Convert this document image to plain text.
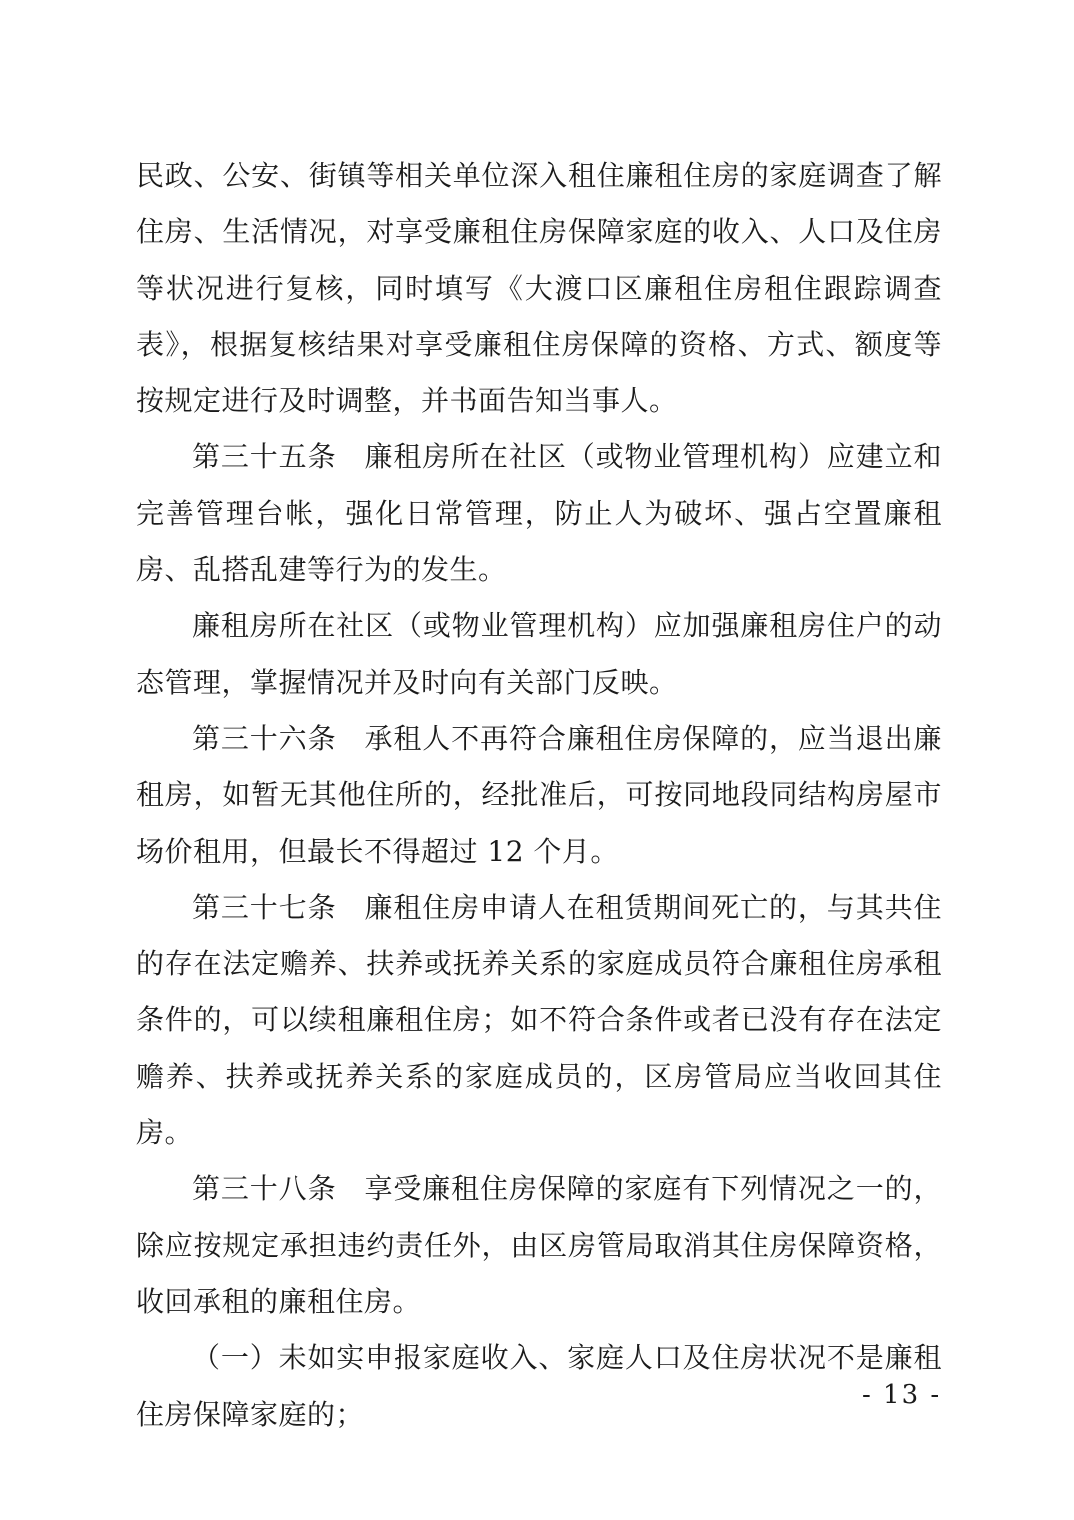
民政、公安、街镇等相关单位深入租住廉租住房的家庭调查了解住房、生活情况，对享受廉租住房保障家庭的收入、人口及住房等状况进行复核，同时填写《大渡口区廉租住房租住跟踪调查表》，根据复核结果对享受廉租住房保障的资格、方式、额度等按规定进行及时调整，并书面告知当事人。

第三十五条 廉租房所在社区（或物业管理机构）应建立和完善管理台帐，强化日常管理，防止人为破坏、强占空置廉租房、乱搭乱建等行为的发生。

廉租房所在社区（或物业管理机构）应加强廉租房住户的动态管理，掌握情况并及时向有关部门反映。

第三十六条 承租人不再符合廉租住房保障的，应当退出廉租房，如暂无其他住所的，经批准后，可按同地段同结构房屋市场价租用，但最长不得超过 12 个月。

第三十七条 廉租住房申请人在租赁期间死亡的，与其共住的存在法定赡养、扶养或抚养关系的家庭成员符合廉租住房承租条件的，可以续租廉租住房；如不符合条件或者已没有存在法定赡养、扶养或抚养关系的家庭成员的，区房管局应当收回其住房。

第三十八条 享受廉租住房保障的家庭有下列情况之一的，除应按规定承担违约责任外，由区房管局取消其住房保障资格，收回承租的廉租住房。

（一）未如实申报家庭收入、家庭人口及住房状况不是廉租住房保障家庭的；

- 13 -
